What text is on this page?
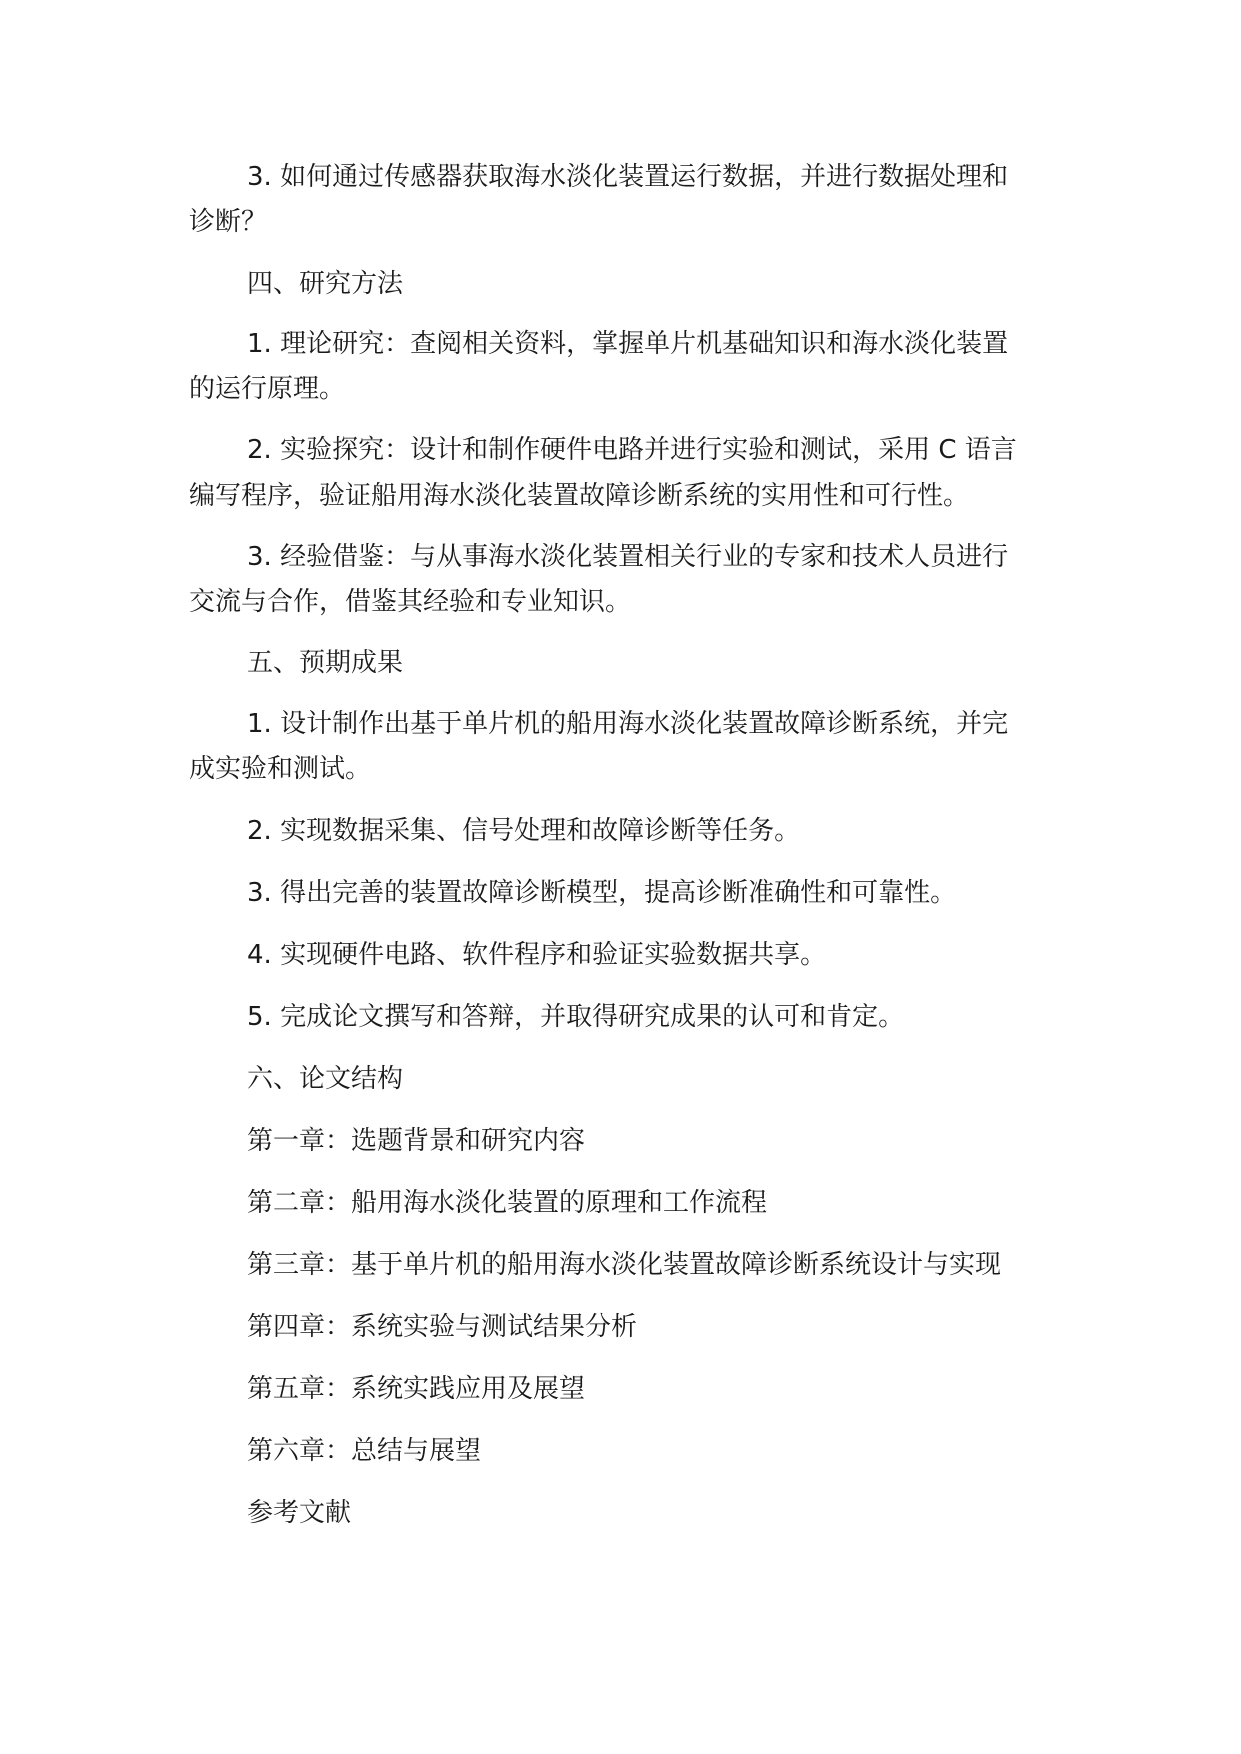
3. 如何通过传感器获取海水淡化装置运行数据，并进行数据处理和
诊断？
四、研究方法
1. 理论研究：查阅相关资料，掌握单片机基础知识和海水淡化装置
的运行原理。
2. 实验探究：设计和制作硬件电路并进行实验和测试，采用 C 语言
编写程序，验证船用海水淡化装置故障诊断系统的实用性和可行性。
3. 经验借鉴：与从事海水淡化装置相关行业的专家和技术人员进行
交流与合作，借鉴其经验和专业知识。
五、预期成果
1. 设计制作出基于单片机的船用海水淡化装置故障诊断系统，并完
成实验和测试。
2. 实现数据采集、信号处理和故障诊断等任务。
3. 得出完善的装置故障诊断模型，提高诊断准确性和可靠性。
4. 实现硬件电路、软件程序和验证实验数据共享。
5. 完成论文撰写和答辩，并取得研究成果的认可和肯定。
六、论文结构
第一章：选题背景和研究内容
第二章：船用海水淡化装置的原理和工作流程
第三章：基于单片机的船用海水淡化装置故障诊断系统设计与实现
第四章：系统实验与测试结果分析
第五章：系统实践应用及展望
第六章：总结与展望
参考文献
